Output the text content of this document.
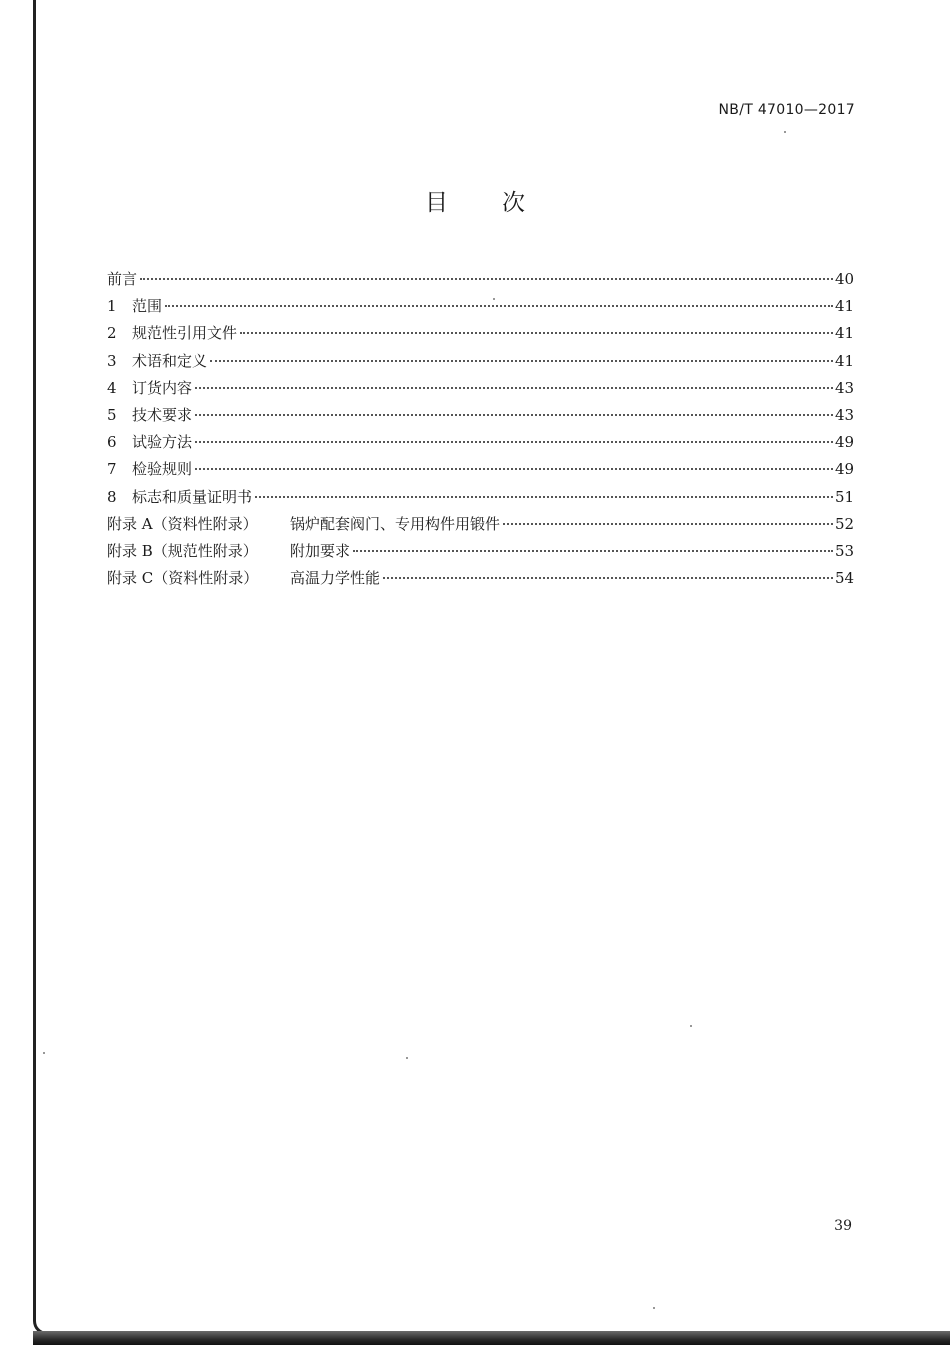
NB/T 47010—2017
目次
前言	40
1	范围	41
2	规范性引用文件	41
3	术语和定义	41
4	订货内容	43
5	技术要求	43
6	试验方法	49
7	检验规则	49
8	标志和质量证明书	51
附录 A（资料性附录）	锅炉配套阀门、专用构件用锻件	52
附录 B（规范性附录）	附加要求	53
附录 C（资料性附录）	高温力学性能	54
39
